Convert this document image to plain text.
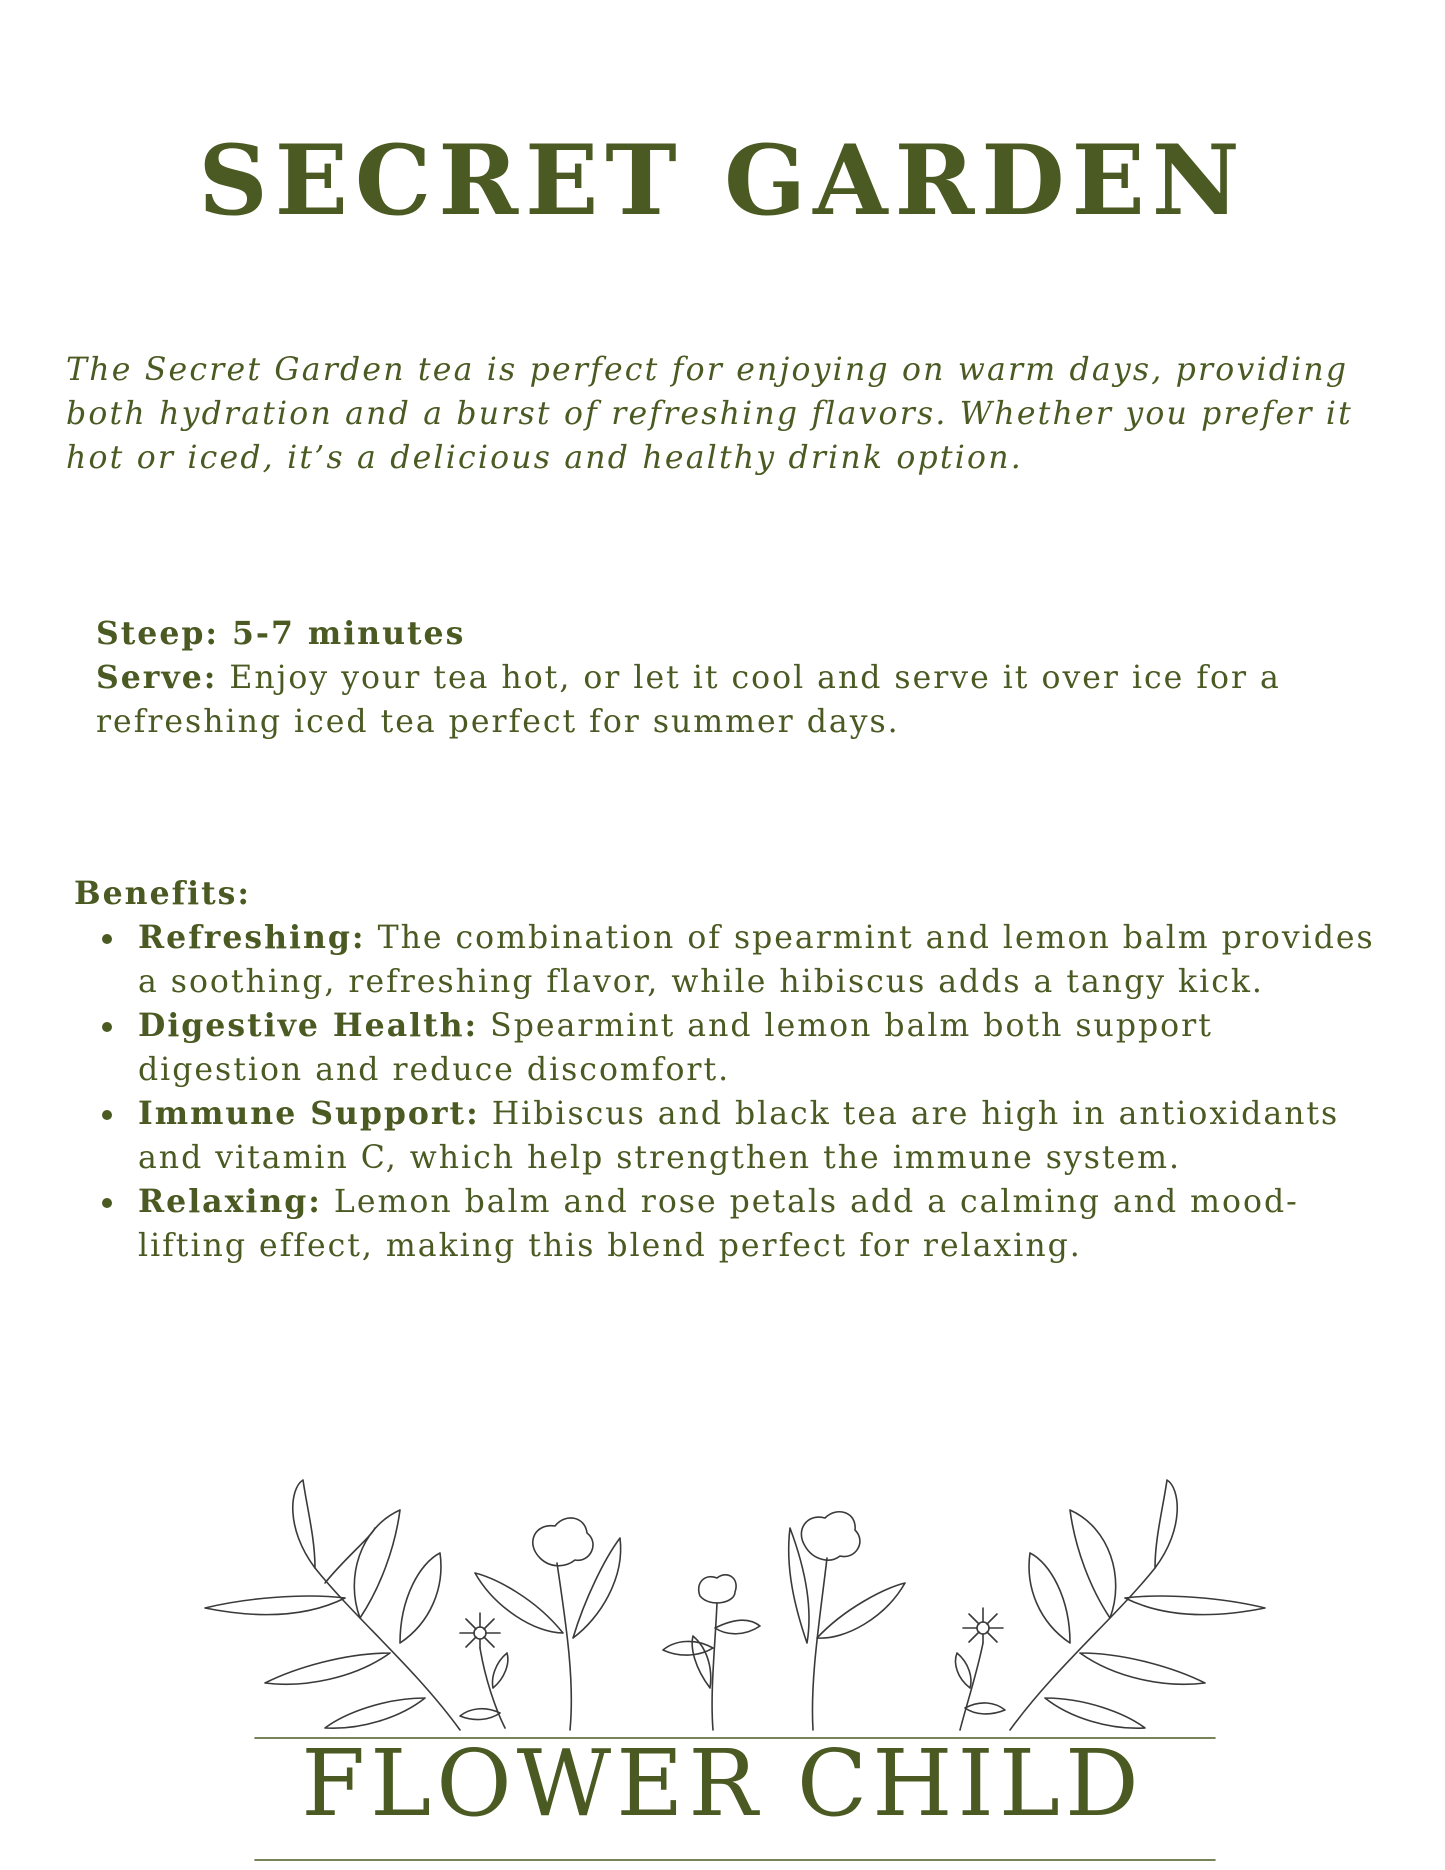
SECRET GARDEN

The Secret Garden tea is perfect for enjoying on warm days, providing both hydration and a burst of refreshing flavors. Whether you prefer it hot or iced, it’s a delicious and healthy drink option.

Steep: 5-7 minutes

Serve: Enjoy your tea hot, or let it cool and serve it over ice for a refreshing iced tea perfect for summer days.

Benefits:

Refreshing: The combination of spearmint and lemon balm provides a soothing, refreshing flavor, while hibiscus adds a tangy kick.
Digestive Health: Spearmint and lemon balm both support digestion and reduce discomfort.
Immune Support: Hibiscus and black tea are high in antioxidants and vitamin C, which help strengthen the immune system.
Relaxing: Lemon balm and rose petals add a calming and mood-lifting effect, making this blend perfect for relaxing.
FLOWER CHILD
